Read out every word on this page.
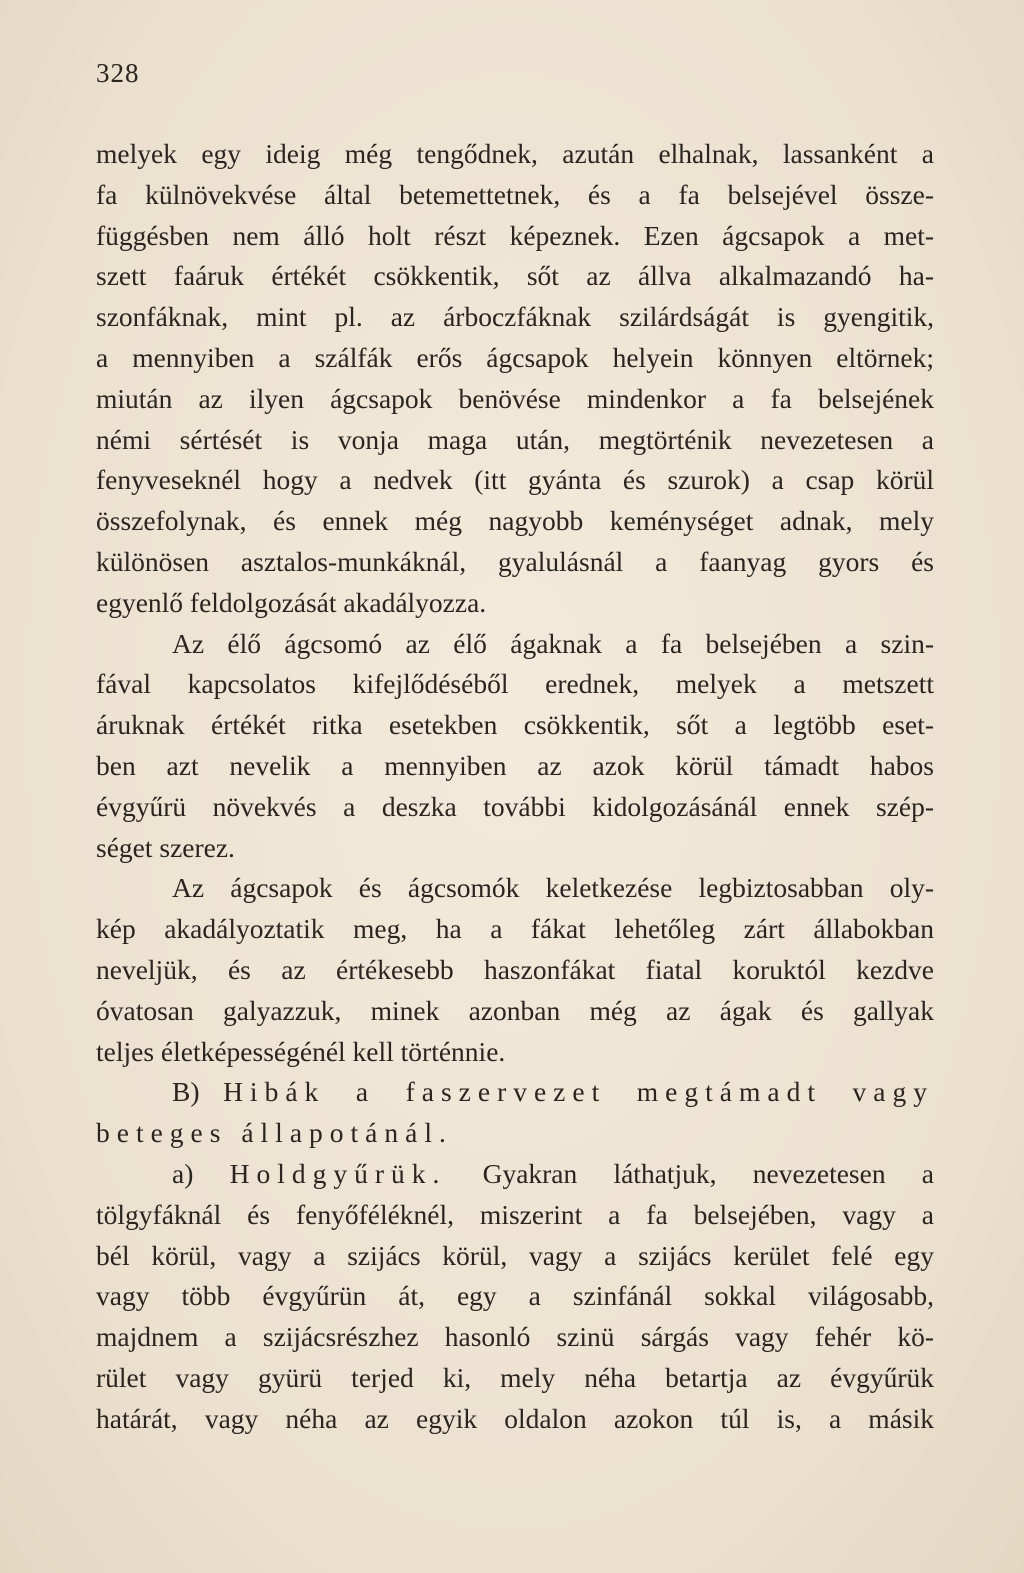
328
melyek egy ideig még tengődnek, azután elhalnak, lassanként a
fa külnövekvése által betemettetnek, és a fa belsejével össze-
függésben nem álló holt részt képeznek. Ezen ágcsapok a met-
szett faáruk értékét csökkentik, sőt az állva alkalmazandó ha-
szonfáknak, mint pl. az árboczfáknak szilárdságát is gyengitik,
a mennyiben a szálfák erős ágcsapok helyein könnyen eltörnek;
miután az ilyen ágcsapok benövése mindenkor a fa belsejének
némi sértését is vonja maga után, megtörténik nevezetesen a
fenyveseknél hogy a nedvek (itt gyánta és szurok) a csap körül
összefolynak, és ennek még nagyobb keménységet adnak, mely
különösen asztalos-munkáknál, gyalulásnál a faanyag gyors és
egyenlő feldolgozását akadályozza.
Az élő ágcsomó az élő ágaknak a fa belsejében a szin-
fával kapcsolatos kifejlődéséből erednek, melyek a metszett
áruknak értékét ritka esetekben csökkentik, sőt a legtöbb eset-
ben azt nevelik a mennyiben az azok körül támadt habos
évgyűrü növekvés a deszka további kidolgozásánál ennek szép-
séget szerez.
Az ágcsapok és ágcsomók keletkezése legbiztosabban oly-
kép akadályoztatik meg, ha a fákat lehetőleg zárt állabokban
neveljük, és az értékesebb haszonfákat fiatal koruktól kezdve
óvatosan galyazzuk, minek azonban még az ágak és gallyak
teljes életképességénél kell történnie.
B) Hibák a faszervezet megtámadt vagy
beteges állapotánál.
a) Holdgyűrük. Gyakran láthatjuk, nevezetesen a
tölgyfáknál és fenyőféléknél, miszerint a fa belsejében, vagy a
bél körül, vagy a szijács körül, vagy a szijács kerület felé egy
vagy több évgyűrün át, egy a szinfánál sokkal világosabb,
majdnem a szijácsrészhez hasonló szinü sárgás vagy fehér kö-
rület vagy gyürü terjed ki, mely néha betartja az évgyűrük
határát, vagy néha az egyik oldalon azokon túl is, a másik
